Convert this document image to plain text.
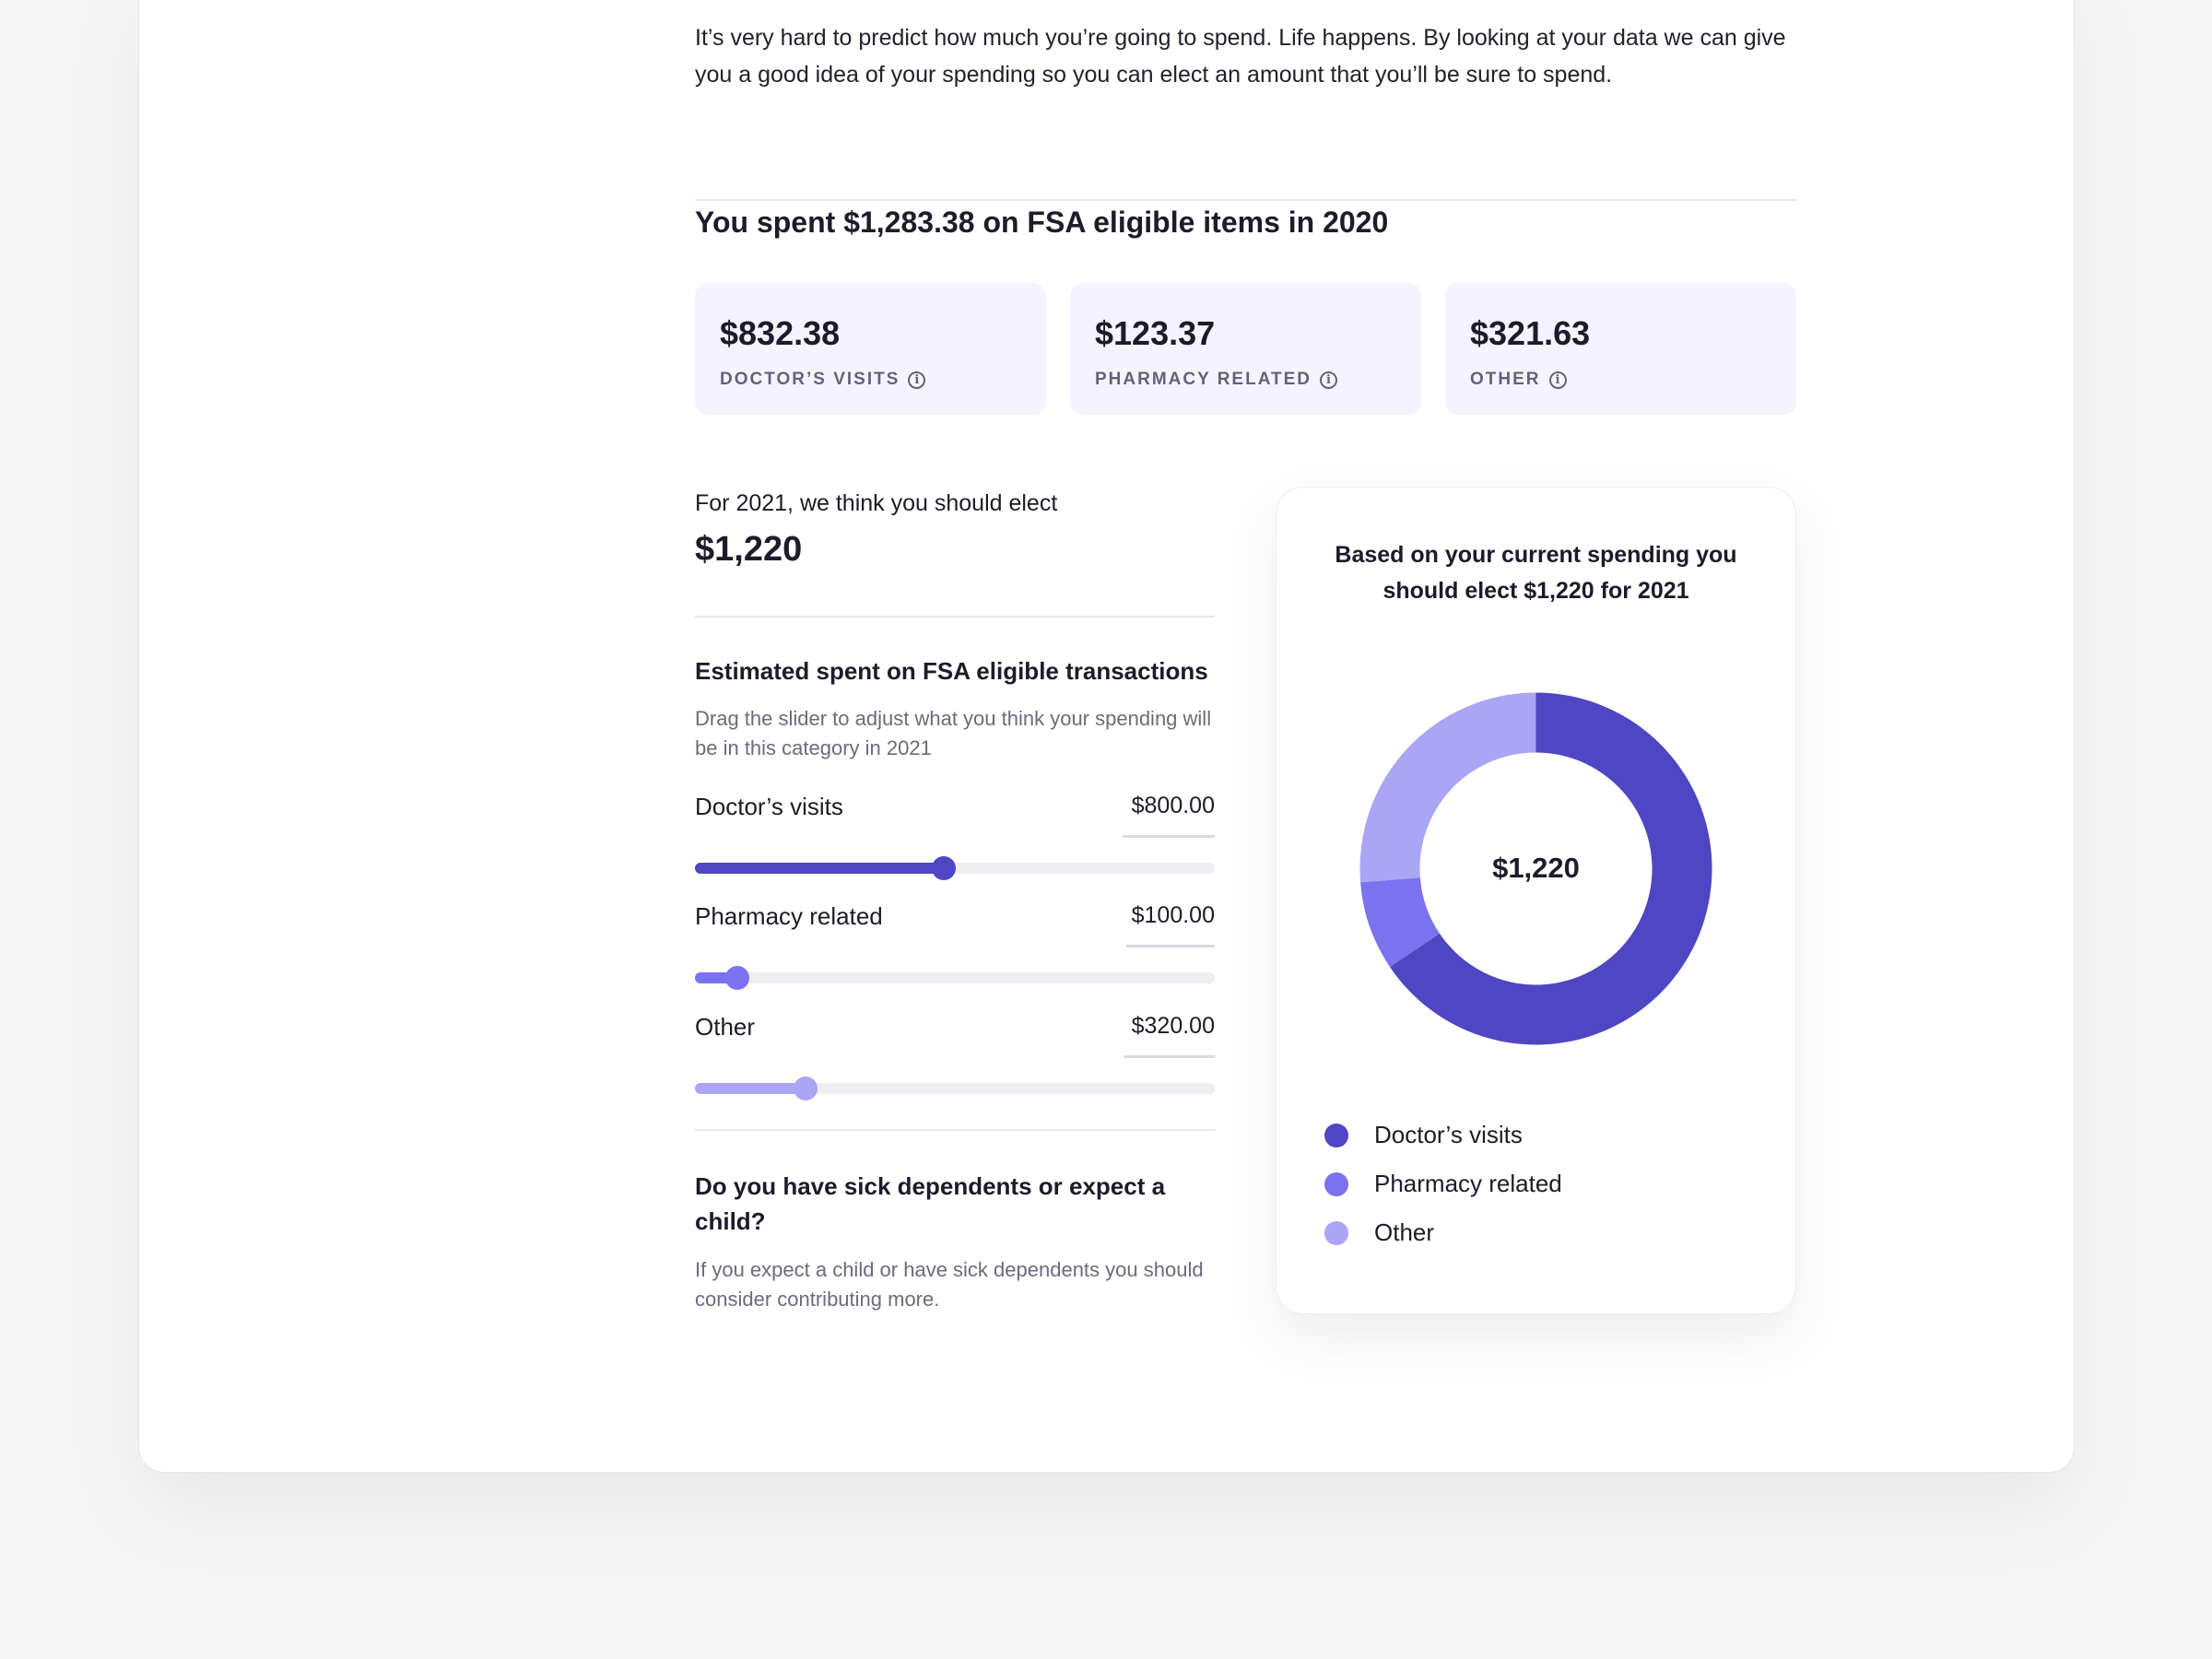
It’s very hard to predict how much you’re going to spend. Life happens. By looking at your data we can give you a good idea of your spending so you can elect an amount that you’ll be sure to spend.
You spent $1,283.38 on FSA eligible items in 2020
$832.38
DOCTOR’S VISITS	i
$123.37
PHARMACY RELATED	i
$321.63
OTHER	i
For 2021, we think you should elect
$1,220
Estimated spent on FSA eligible transactions
Drag the slider to adjust what you think your spending will be in this category in 2021
Doctor’s visits	$800.00
Pharmacy related	$100.00
Other	$320.00
Do you have sick dependents or expect a child?
If you expect a child or have sick dependents you should consider contributing more.
Based on your current spending you should elect $1,220 for 2021
$1,220
Doctor’s visits
Pharmacy related
Other
